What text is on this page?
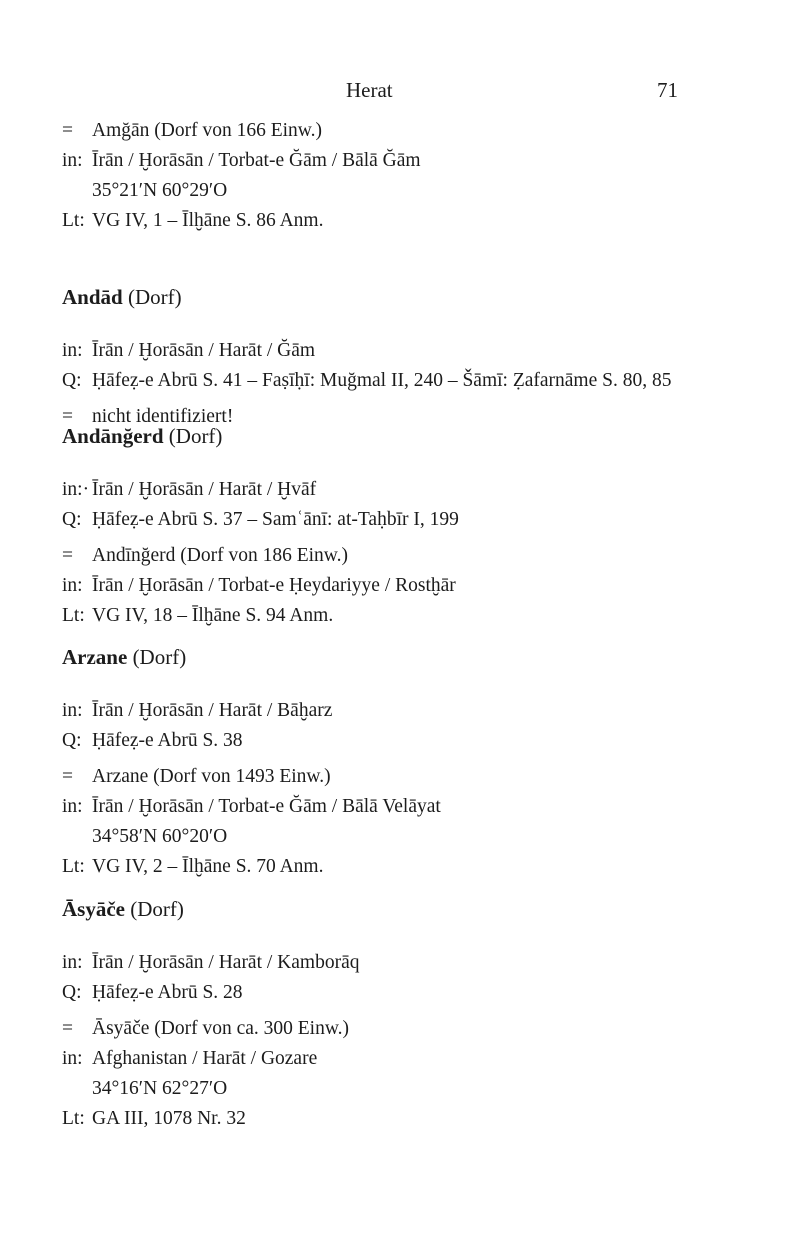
Herat	71
= Amğān (Dorf von 166 Einw.)
in: Īrān / Ḫorāsān / Torbat-e Ğām / Bālā Ğām
35°21′N 60°29′O
Lt: VG IV, 1 – Īlḫāne S. 86 Anm.
Andād (Dorf)
in: Īrān / Ḫorāsān / Harāt / Ğām
Q: Ḥāfeẓ-e Abrū S. 41 – Faṣīḥī: Muğmal II, 240 – Šāmī: Ẓafarnāme S. 80, 85
= nicht identifiziert!
Andānğerd (Dorf)
in:· Īrān / Ḫorāsān / Harāt / Ḫvāf
Q: Ḥāfeẓ-e Abrū S. 37 – Samʿānī: at-Taḥbīr I, 199
= Andīnğerd (Dorf von 186 Einw.)
in: Īrān / Ḫorāsān / Torbat-e Ḥeydariyye / Rostḫār
Lt: VG IV, 18 – Īlḫāne S. 94 Anm.
Arzane (Dorf)
in: Īrān / Ḫorāsān / Harāt / Bāḫarz
Q: Ḥāfeẓ-e Abrū S. 38
= Arzane (Dorf von 1493 Einw.)
in: Īrān / Ḫorāsān / Torbat-e Ğām / Bālā Velāyat
34°58′N 60°20′O
Lt: VG IV, 2 – Īlḫāne S. 70 Anm.
Āsyāče (Dorf)
in: Īrān / Ḫorāsān / Harāt / Kamborāq
Q: Ḥāfeẓ-e Abrū S. 28
= Āsyāče (Dorf von ca. 300 Einw.)
in: Afghanistan / Harāt / Gozare
34°16′N 62°27′O
Lt: GA III, 1078 Nr. 32
